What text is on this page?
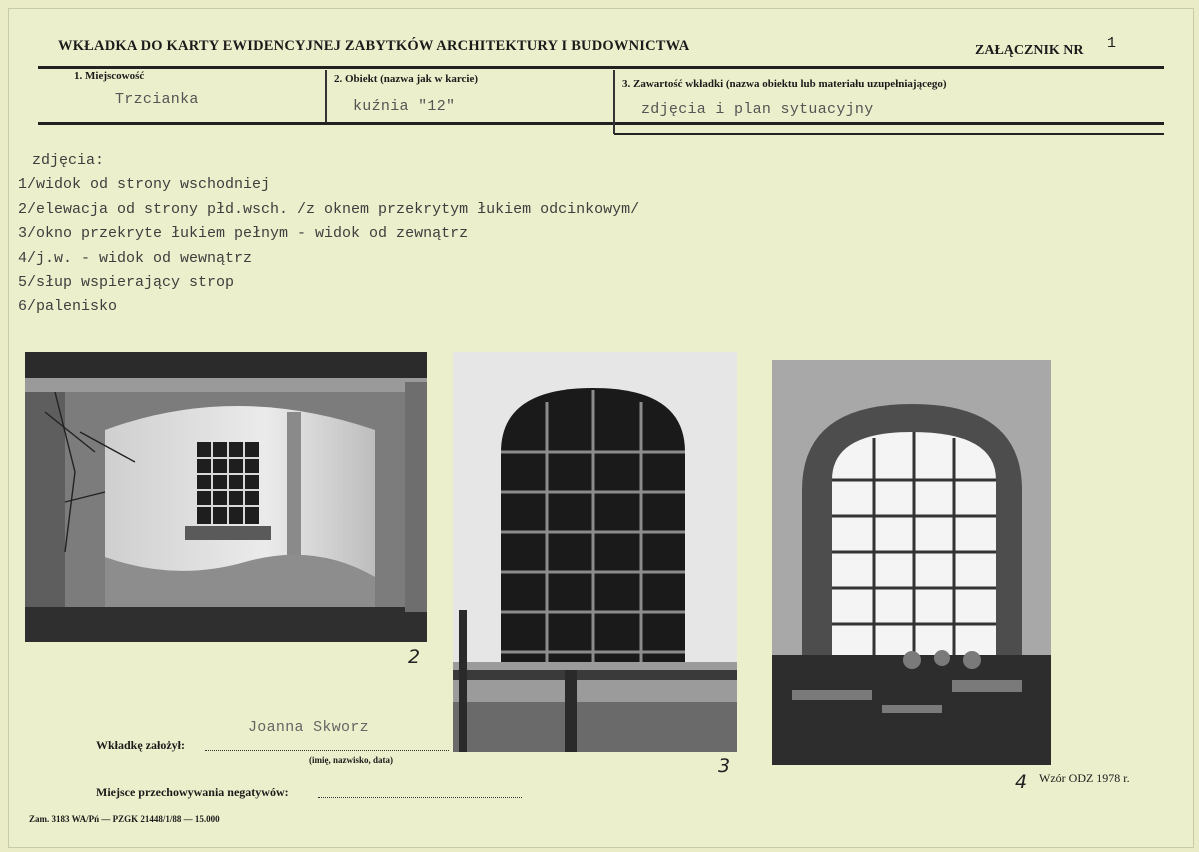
WKŁADKA DO KARTY EWIDENCYJNEJ ZABYTKÓW ARCHITEKTURY I BUDOWNICTWA	ZAŁĄCZNIK NR 1
1. Miejscowość
Trzcianka
2. Obiekt (nazwa jak w karcie)
kuźnia "12"
3. Zawartość wkładki (nazwa obiektu lub materiału uzupełniającego)
zdjęcia i plan sytuacyjny
zdjęcia:
1/widok od strony wschodniej
2/elewacja od strony płd.wsch. /z oknem przekrytym łukiem odcinkowym/
3/okno przekryte łukiem pełnym - widok od zewnątrz
4/j.w. - widok od wewnątrz
5/słup wspierający strop
6/palenisko
2
3
4
Joanna Skworz
Wkładkę założył:
(imię, nazwisko, data)
Miejsce przechowywania negatywów:
Wzór ODZ 1978 r.
Zam. 3183 WA/Pń — PZGK 21448/1/88 — 15.000
